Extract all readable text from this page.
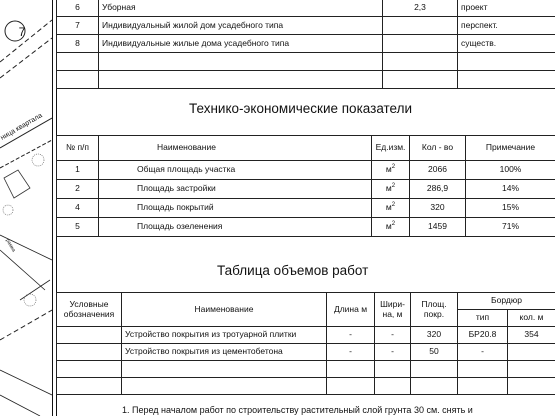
7
ница квартала
рамка
6	Уборная	2,3	проект
7	Индивидуальный жилой дом усадебного типа		перспект.
8	Индивидуальные жилые дома усадебного типа		существ.

Технико-экономические показатели
№ п/п	Наименование	Ед.изм.	Кол - во	Примечание
1	Общая площадь участка	$м^2$	2066	100%
2	Площадь застройки	$м^2$	286,9	14%
4	Площадь покрытий	$м^2$	320	15%
5	Площадь озеленения	$м^2$	1459	71%
Таблица объемов работ
Условные обозначения	Наименование	Длина м	Шири-на, м	Площ. покр.	Бордюр	
					тип	кол. м
	Устройство покрытия из тротуарной плитки	-	-	320	БР20.8	354
	Устройство покрытия из цементобетона	-	-	50	-	

1. Перед началом работ по строительству растительный слой грунта 30 см. снять и
